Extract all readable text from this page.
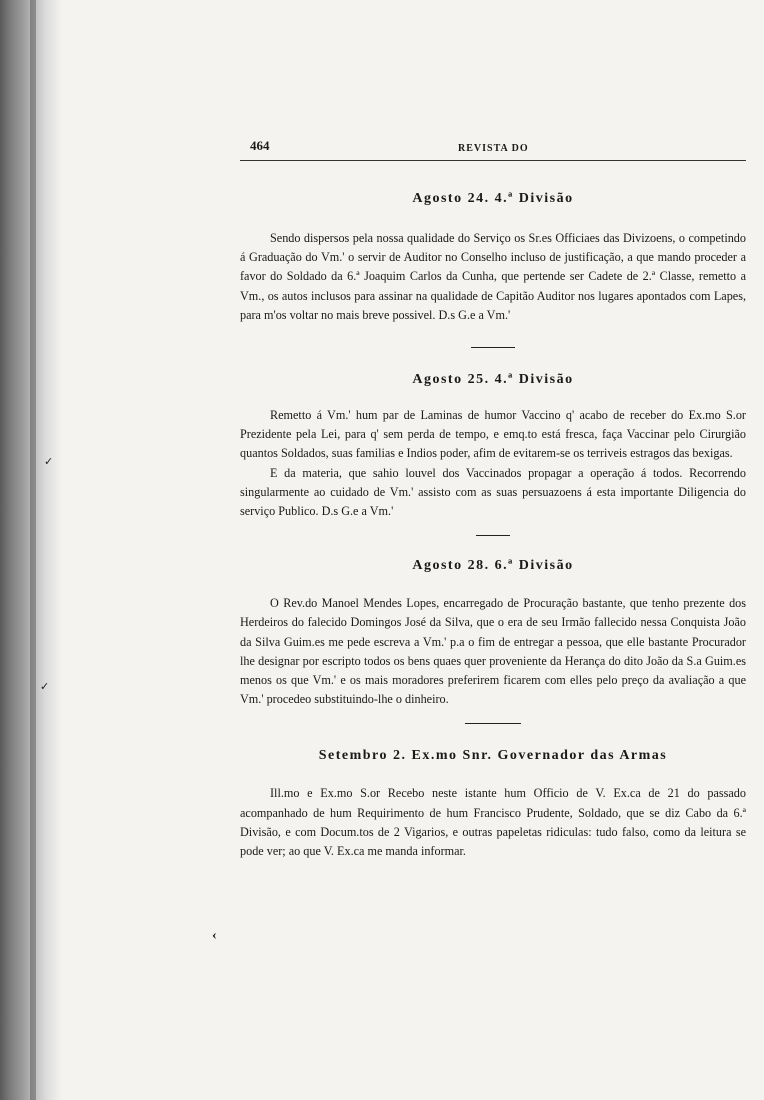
✓
✓
464	REVISTA DO
Agosto 24. 4.ª Divisão

Sendo dispersos pela nossa qualidade do Serviço os Sr.es Officiaes das Divizoens, o competindo á Graduação do Vm.' o servir de Auditor no Conselho incluso de justificação, a que mando proceder a favor do Soldado da 6.ª Joaquim Carlos da Cunha, que pertende ser Cadete de 2.ª Classe, remetto a Vm., os autos inclusos para assinar na qualidade de Capitão Auditor nos lugares apontados com Lapes, para m'os voltar no mais breve possivel. D.s G.e a Vm.'

Agosto 25. 4.ª Divisão

Remetto á Vm.' hum par de Laminas de humor Vaccino q' acabo de receber do Ex.mo S.or Prezidente pela Lei, para q' sem perda de tempo, e emq.to está fresca, faça Vaccinar pelo Cirurgião quantos Soldados, suas familias e Indios poder, afim de evitarem-se os terriveis estragos das bexigas.

E da materia, que sahio louvel dos Vaccinados propagar a operação á todos. Recorrendo singularmente ao cuidado de Vm.' assisto com as suas persuazoens á esta importante Diligencia do serviço Publico. D.s G.e a Vm.'

Agosto 28. 6.ª Divisão

O Rev.do Manoel Mendes Lopes, encarregado de Procuração bastante, que tenho prezente dos Herdeiros do falecido Domingos José da Silva, que o era de seu Irmão fallecido nessa Conquista João da Silva Guim.es me pede escreva a Vm.' p.a o fim de entregar a pessoa, que elle bastante Procurador lhe designar por escripto todos os bens quaes quer proveniente da Herança do dito João da S.a Guim.es menos os que Vm.' e os mais moradores preferirem ficarem com elles pelo preço da avaliação a que Vm.' procedeo substituindo-lhe o dinheiro.

Setembro 2. Ex.mo Snr. Governador das Armas

Ill.mo e Ex.mo S.or Recebo neste istante hum Officio de V. Ex.ca de 21 do passado acompanhado de hum Requirimento de hum Francisco Prudente, Soldado, que se diz Cabo da 6.ª Divisão, e com Docum.tos de 2 Vigarios, e outras papeletas ridiculas: tudo falso, como da leitura se pode ver; ao que V. Ex.ca me manda informar.

‹
